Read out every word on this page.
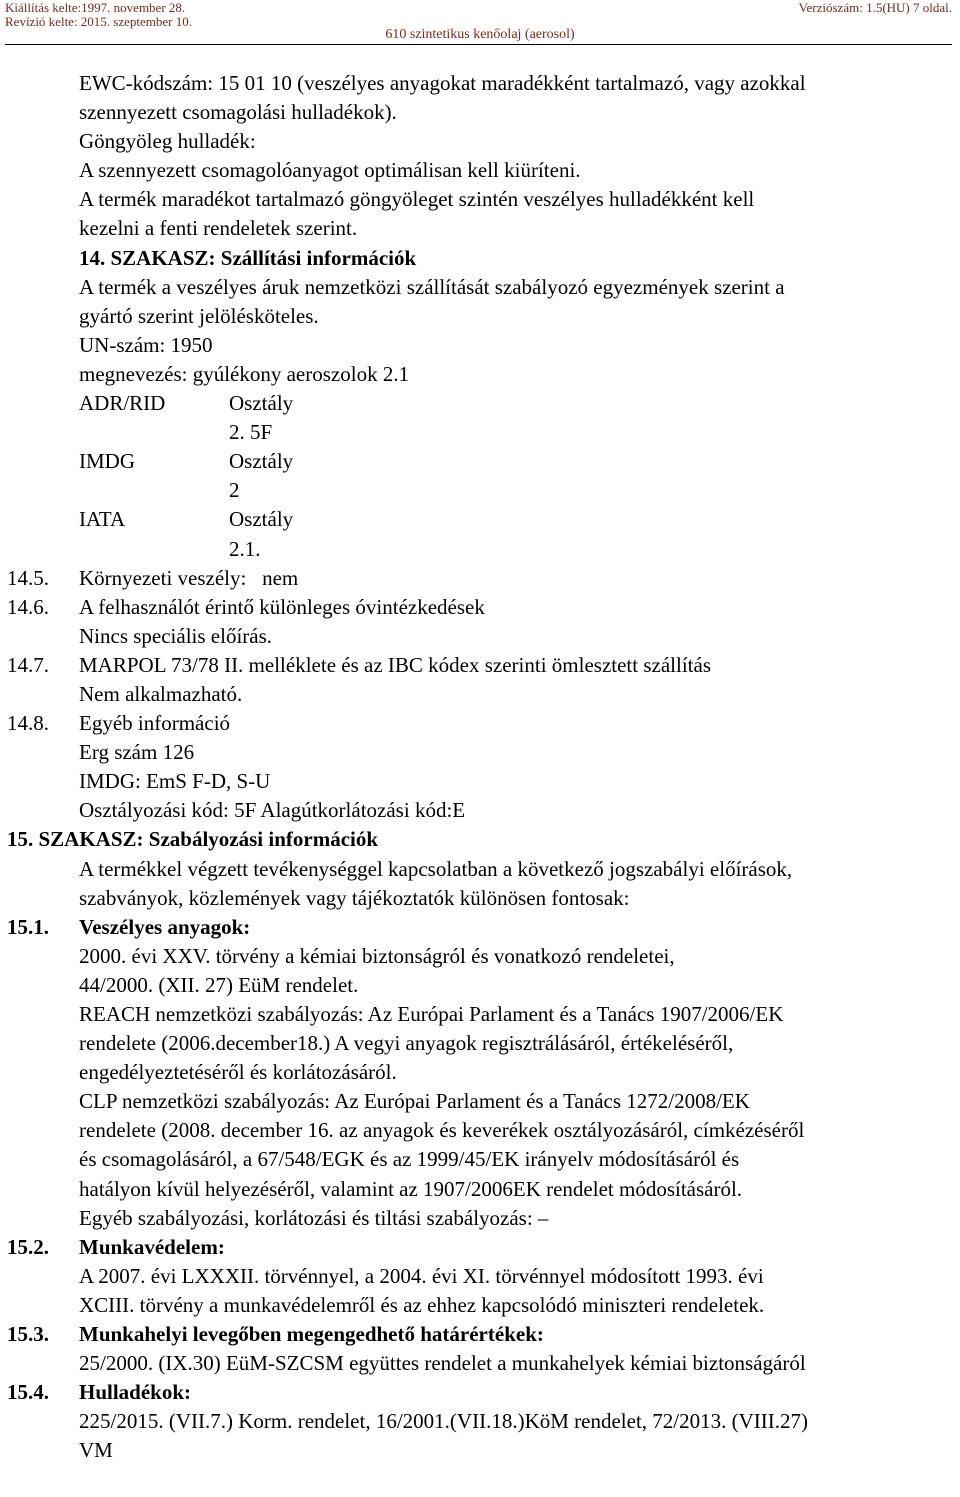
Kiállítás kelte:1997. november 28.
Revízió kelte: 2015. szeptember 10.
Verziószám: 1.5(HU) 7 oldal.
610 szintetikus kenőolaj (aerosol)
EWC-kódszám: 15 01 10 (veszélyes anyagokat maradékként tartalmazó, vagy azokkal
szennyezett csomagolási hulladékok).
Göngyöleg hulladék:
A szennyezett csomagolóanyagot optimálisan kell kiüríteni.
A termék maradékot tartalmazó göngyöleget szintén veszélyes hulladékként kell
kezelni a fenti rendeletek szerint.
14. SZAKASZ: Szállítási információk
A termék a veszélyes áruk nemzetközi szállítását szabályozó egyezmények szerint a
gyártó szerint jelölésköteles.
UN-szám: 1950
megnevezés: gyúlékony aeroszolok 2.1
ADR/RID	Osztály
2. 5F
IMDG	Osztály
2
IATA	Osztály
2.1.
14.5. Környezeti veszély:   nem
14.6. A felhasználót érintő különleges óvintézkedések
Nincs speciális előírás.
14.7. MARPOL 73/78 II. melléklete és az IBC kódex szerinti ömlesztett szállítás
Nem alkalmazható.
14.8. Egyéb információ
Erg szám 126
IMDG: EmS F-D, S-U
Osztályozási kód: 5F Alagútkorlátozási kód:E
15. SZAKASZ: Szabályozási információk
A termékkel végzett tevékenységgel kapcsolatban a következő jogszabályi előírások,
szabványok, közlemények vagy tájékoztatók különösen fontosak:
15.1. Veszélyes anyagok:
2000. évi XXV. törvény a kémiai biztonságról és vonatkozó rendeletei,
44/2000. (XII. 27) EüM rendelet.
REACH nemzetközi szabályozás: Az Európai Parlament és a Tanács 1907/2006/EK
rendelete (2006.december18.) A vegyi anyagok regisztrálásáról, értékeléséről,
engedélyeztetéséről és korlátozásáról.
CLP nemzetközi szabályozás: Az Európai Parlament és a Tanács 1272/2008/EK
rendelete (2008. december 16. az anyagok és keverékek osztályozásáról, címkézéséről
és csomagolásáról, a 67/548/EGK és az 1999/45/EK irányelv módosításáról és
hatályon kívül helyezéséről, valamint az 1907/2006EK rendelet módosításáról.
Egyéb szabályozási, korlátozási és tiltási szabályozás: –
15.2. Munkavédelem:
A 2007. évi LXXXII. törvénnyel, a 2004. évi XI. törvénnyel módosított 1993. évi
XCIII. törvény a munkavédelemről és az ehhez kapcsolódó miniszteri rendeletek.
15.3. Munkahelyi levegőben megengedhető határértékek:
25/2000. (IX.30) EüM-SZCSM együttes rendelet a munkahelyek kémiai biztonságáról
15.4. Hulladékok:
225/2015. (VII.7.) Korm. rendelet, 16/2001.(VII.18.)KöM rendelet, 72/2013. (VIII.27)
VM
